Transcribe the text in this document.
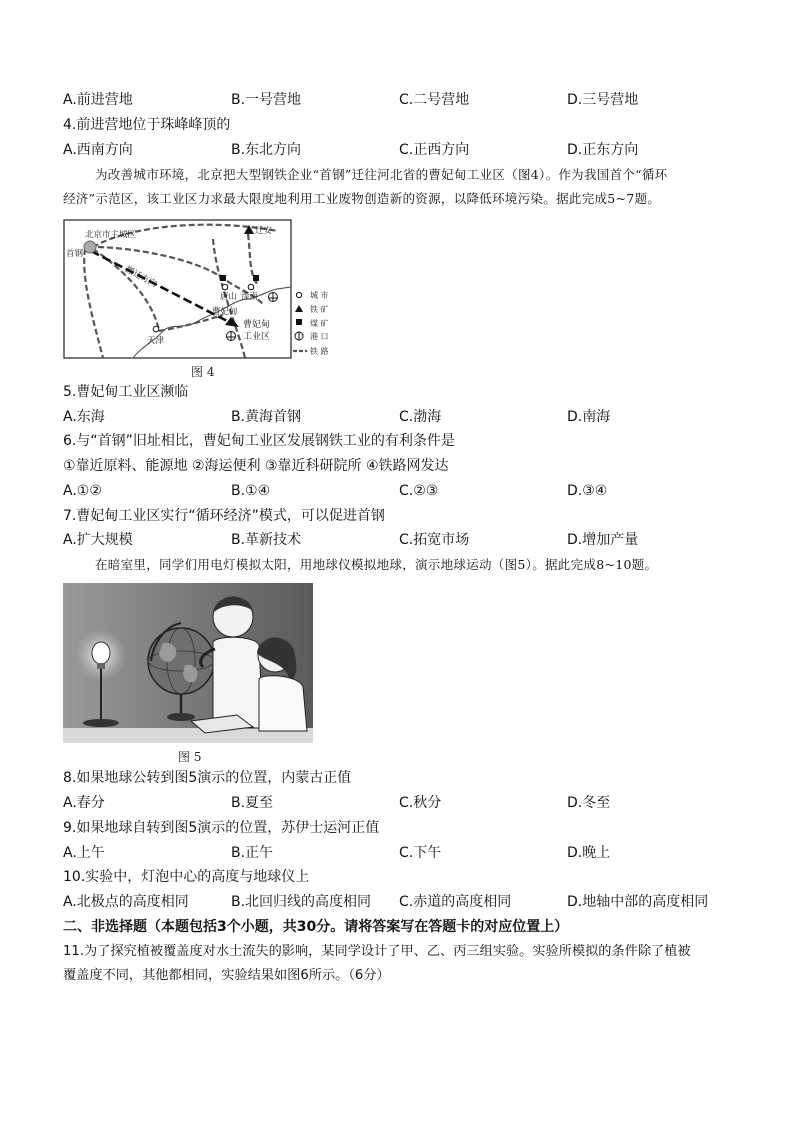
A.前进营地	B.一号营地	C.二号营地	D.三号营地
4.前进营地位于珠峰峰顶的
A.西南方向	B.东北方向	C.正西方向	D.正东方向
为改善城市环境，北京把大型钢铁企业“首钢”迁往河北省的曹妃甸工业区（图4）。作为我国首个“循环
经济”示范区，该工业区力求最大限度地利用工业废物创造新的资源，以降低环境污染。据此完成5~7题。
北京市主城区
首钢
迁安
唐山 滦南
曹妃甸
天津
曹妃甸
工业区
搬迁方向
城 市
铁 矿
煤 矿
港 口
铁 路
图 4
5.曹妃甸工业区濒临
A.东海	B.黄海首钢	C.渤海	D.南海
6.与“首钢”旧址相比，曹妃甸工业区发展钢铁工业的有利条件是
①靠近原料、能源地 ②海运便利 ③靠近科研院所 ④铁路网发达
A.①②	B.①④	C.②③	D.③④
7.曹妃甸工业区实行“循环经济”模式，可以促进首钢
A.扩大规模	B.革新技术	C.拓宽市场	D.增加产量
在暗室里，同学们用电灯模拟太阳，用地球仪模拟地球，演示地球运动（图5）。据此完成8~10题。
图 5
8.如果地球公转到图5演示的位置，内蒙古正值
A.春分	B.夏至	C.秋分	D.冬至
9.如果地球自转到图5演示的位置，苏伊士运河正值
A.上午	B.正午	C.下午	D.晚上
10.实验中，灯泡中心的高度与地球仪上
A.北极点的高度相同	B.北回归线的高度相同 C.赤道的高度相同	D.地轴中部的高度相同
二、非选择题（本题包括3个小题，共30分。请将答案写在答题卡的对应位置上）
11.为了探究植被覆盖度对水土流失的影响，某同学设计了甲、乙、丙三组实验。实验所模拟的条件除了植被
覆盖度不同，其他都相同，实验结果如图6所示。（6分）
